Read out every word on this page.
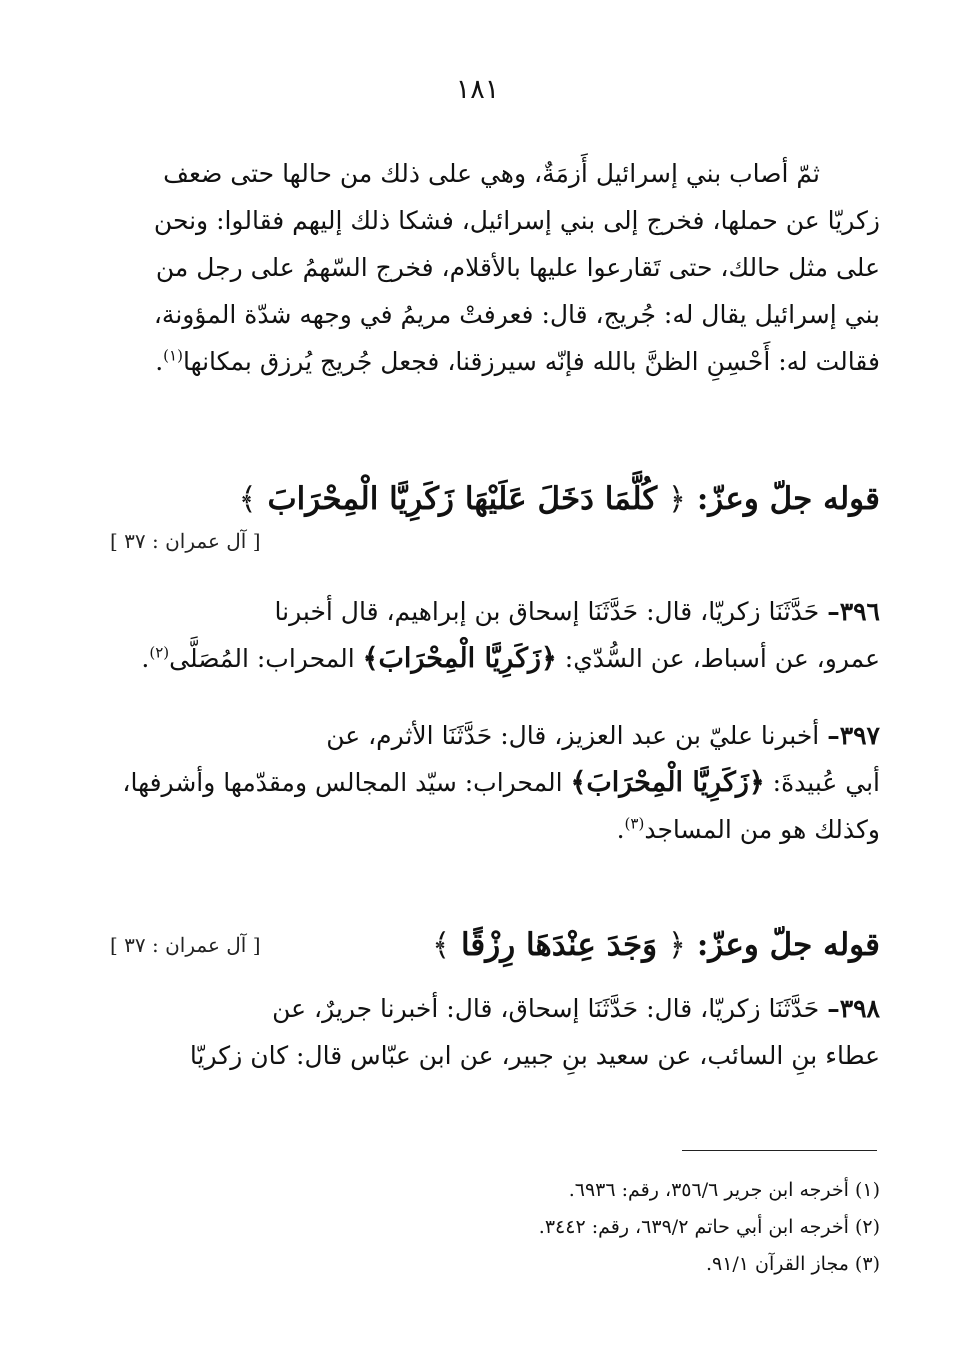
١٨١

ثمّ أصاب بني إسرائيل أَزمَةٌ، وهي على ذلك من حالها حتى ضعف

زكريّا عن حملها، فخرج إلى بني إسرائيل، فشكا ذلك إليهم فقالوا: ونحن

على مثل حالك، حتى تَقارعوا عليها بالأقلام، فخرج السّهمُ على رجل من

بني إسرائيل يقال له: جُريج، قال: فعرفتْ مريمُ في وجهه شدّة المؤونة،

فقالت له: أَحْسِنِ الظنَّ بالله فإنّه سيرزقنا، فجعل جُريج يُرزق بمكانها$^{(١)}$.

قوله جلّ وعزّ: ﴿ كُلَّمَا دَخَلَ عَلَيْهَا زَكَرِيَّا الْمِحْرَابَ ﴾

[ آل عمران : ٣٧ ]

٣٩٦– حَدَّثَنَا زكريّا، قال: حَدَّثَنَا إسحاق بن إبراهيم، قال أخبرنا

عمرو، عن أسباط، عن السُّدّي: ﴿زَكَرِيَّا الْمِحْرَابَ﴾ المحراب: المُصَلَّى$^{(٢)}$.

٣٩٧– أخبرنا عليّ بن عبد العزيز، قال: حَدَّثَنَا الأثرم، عن

أبي عُبيدةَ: ﴿زَكَرِيَّا الْمِحْرَابَ﴾ المحراب: سيّد المجالس ومقدّمها وأشرفها،

وكذلك هو من المساجد$^{(٣)}$.

قوله جلّ وعزّ: ﴿ وَجَدَ عِنْدَهَا رِزْقًا ﴾

[ آل عمران : ٣٧ ]

٣٩٨– حَدَّثَنَا زكريّا، قال: حَدَّثَنَا إسحاق، قال: أخبرنا جريرٌ، عن

عطاء بنِ السائب، عن سعيد بنِ جبير، عن ابن عبّاس قال: كان زكريّا

(١) أخرجه ابن جرير ٣٥٦/٦، رقم: ٦٩٣٦.

(٢) أخرجه ابن أبي حاتم ٦٣٩/٢، رقم: ٣٤٤٢.

(٣) مجاز القرآن ٩١/١.
